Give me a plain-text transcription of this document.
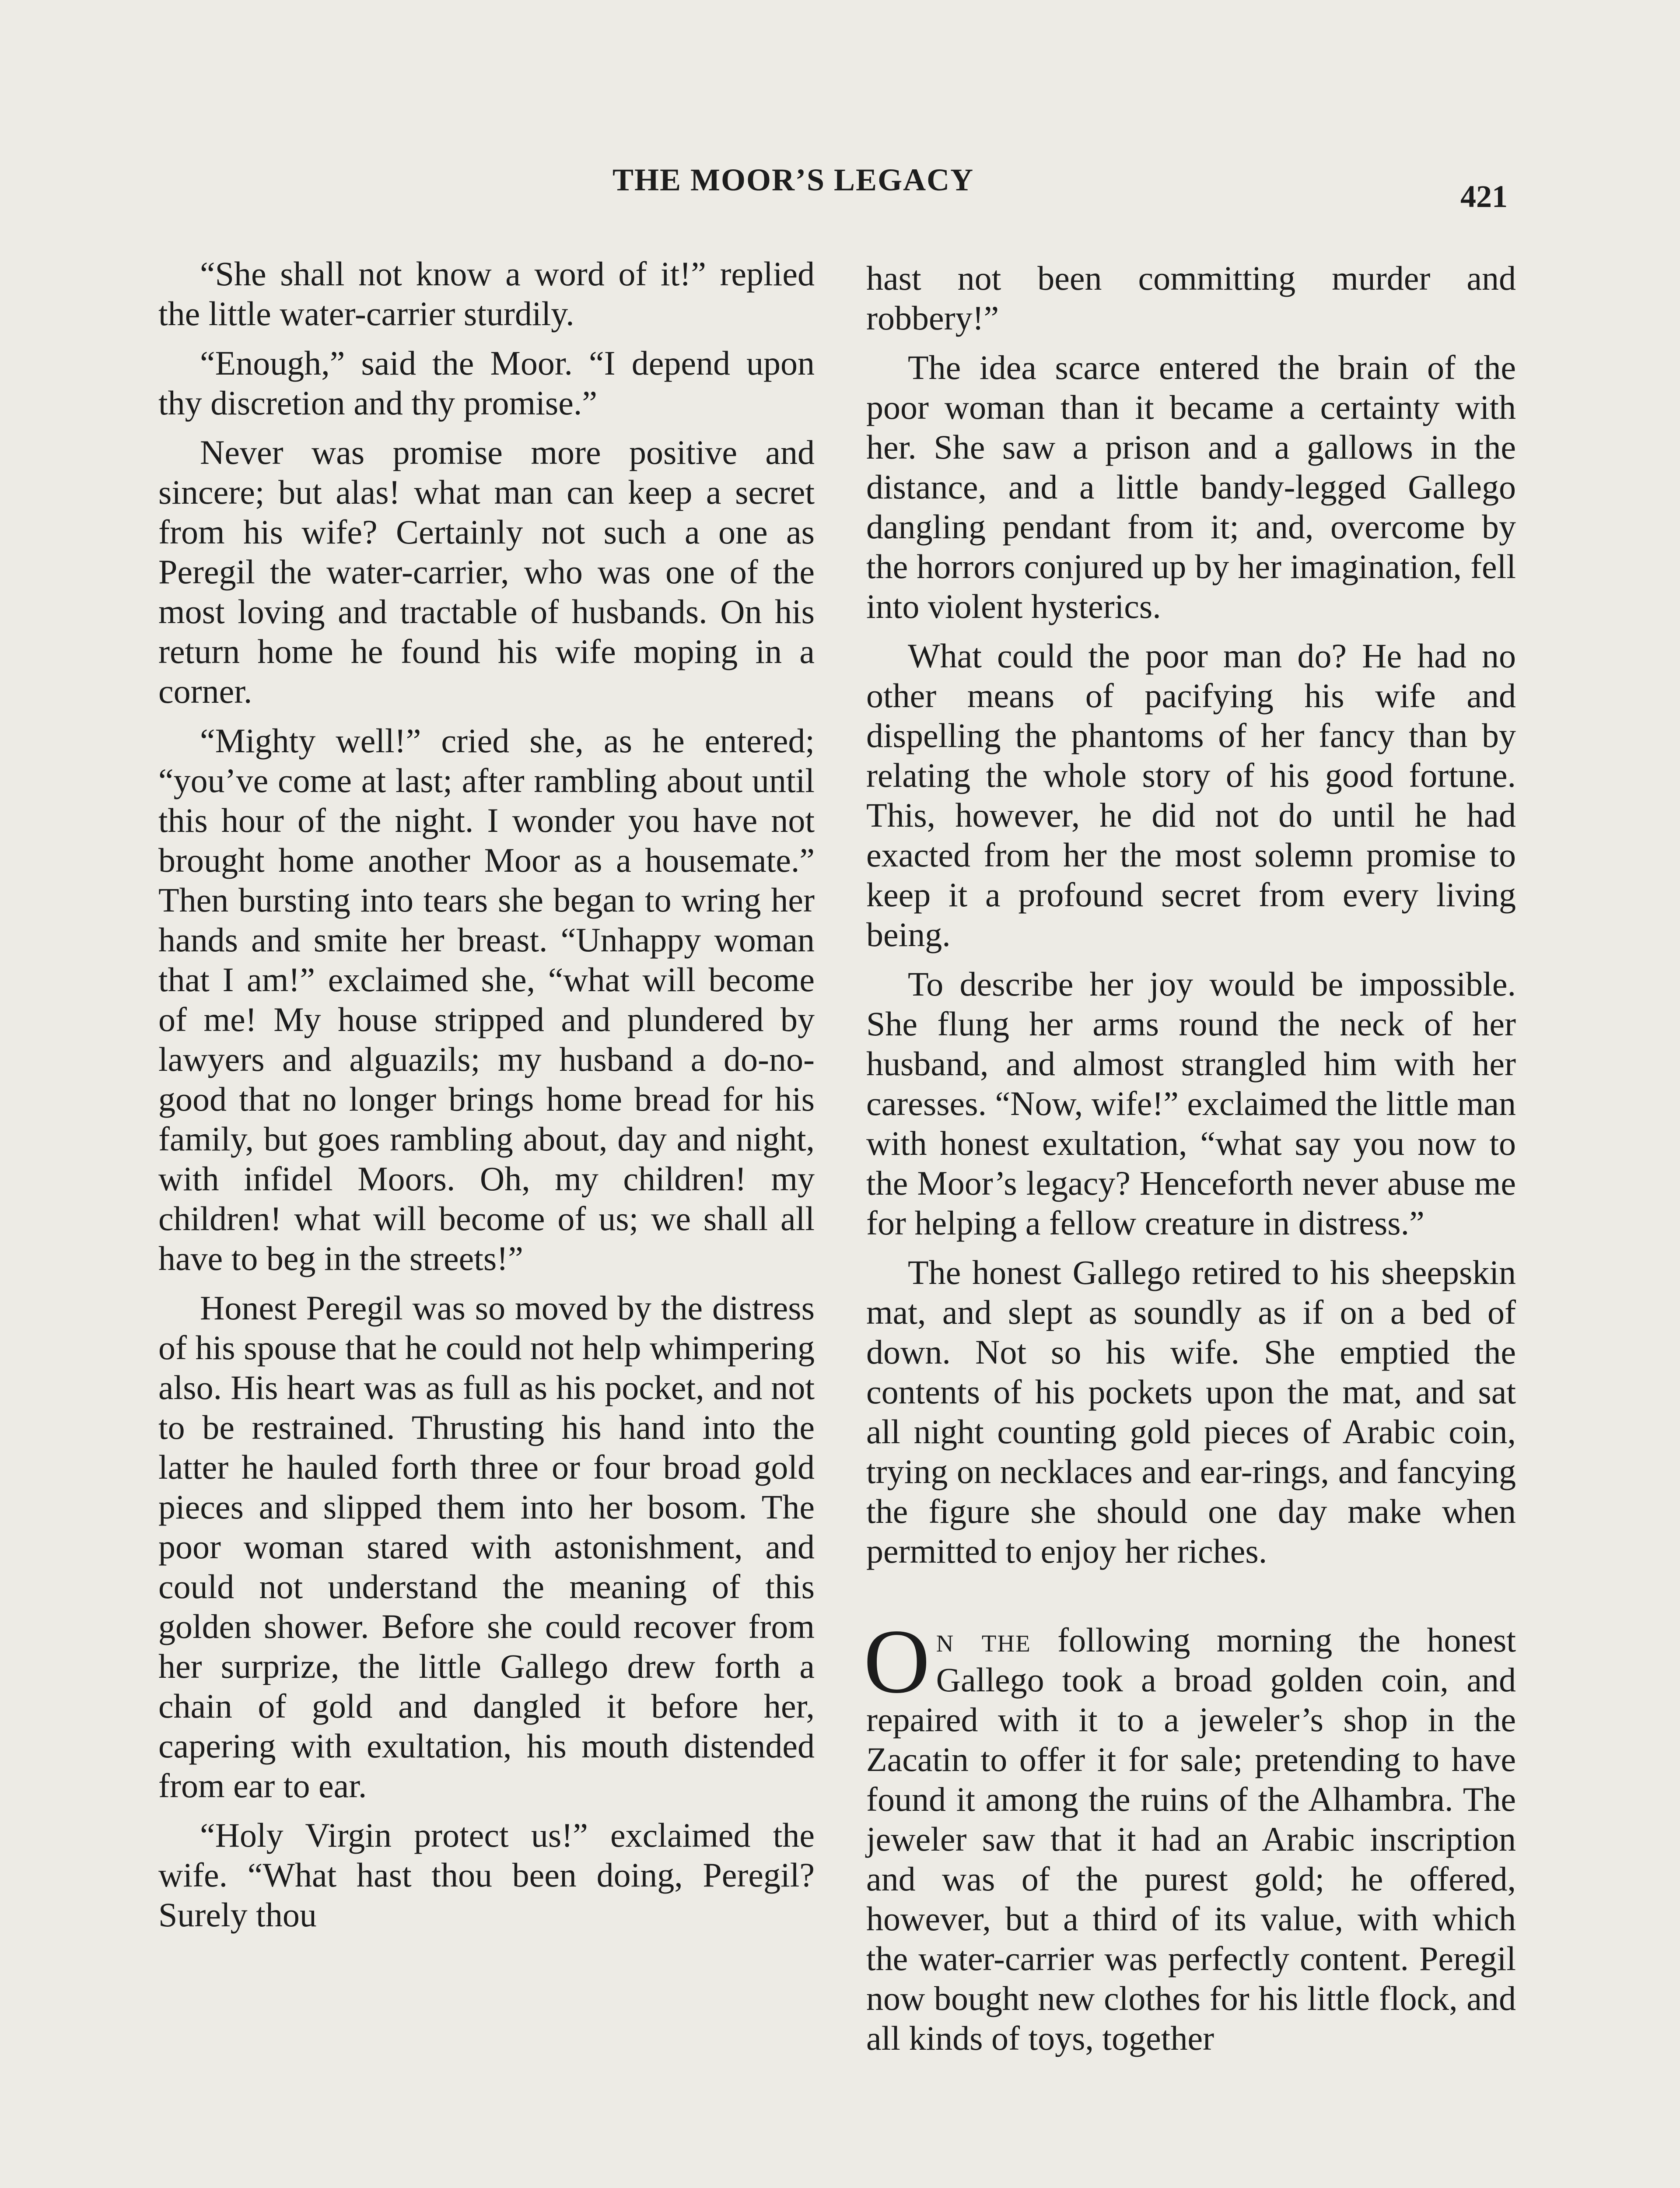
THE MOOR’S LEGACY	421

“She shall not know a word of it!” replied the little water-carrier sturdily.

“Enough,” said the Moor. “I depend upon thy discretion and thy promise.”

Never was promise more positive and sincere; but alas! what man can keep a secret from his wife? Certainly not such a one as Peregil the water-carrier, who was one of the most loving and tractable of husbands. On his return home he found his wife moping in a corner.

“Mighty well!” cried she, as he entered; “you’ve come at last; after rambling about until this hour of the night. I wonder you have not brought home another Moor as a housemate.” Then bursting into tears she began to wring her hands and smite her breast. “Unhappy woman that I am!” exclaimed she, “what will become of me! My house stripped and plundered by lawyers and alguazils; my husband a do-no-good that no longer brings home bread for his family, but goes rambling about, day and night, with infidel Moors. Oh, my children! my children! what will become of us; we shall all have to beg in the streets!”

Honest Peregil was so moved by the distress of his spouse that he could not help whimpering also. His heart was as full as his pocket, and not to be restrained. Thrusting his hand into the latter he hauled forth three or four broad gold pieces and slipped them into her bosom. The poor woman stared with astonishment, and could not understand the meaning of this golden shower. Before she could recover from her surprize, the little Gallego drew forth a chain of gold and dangled it before her, capering with exultation, his mouth distended from ear to ear.

“Holy Virgin protect us!” exclaimed the wife. “What hast thou been doing, Peregil? Surely thou

hast not been committing murder and robbery!”

The idea scarce entered the brain of the poor woman than it became a certainty with her. She saw a prison and a gallows in the distance, and a little bandy-legged Gallego dangling pendant from it; and, overcome by the horrors conjured up by her imagination, fell into violent hysterics.

What could the poor man do? He had no other means of pacifying his wife and dispelling the phantoms of her fancy than by relating the whole story of his good fortune. This, however, he did not do until he had exacted from her the most solemn promise to keep it a profound secret from every living being.

To describe her joy would be impossible. She flung her arms round the neck of her husband, and almost strangled him with her caresses. “Now, wife!” exclaimed the little man with honest exultation, “what say you now to the Moor’s legacy? Henceforth never abuse me for helping a fellow creature in distress.”

The honest Gallego retired to his sheepskin mat, and slept as soundly as if on a bed of down. Not so his wife. She emptied the contents of his pockets upon the mat, and sat all night counting gold pieces of Arabic coin, trying on necklaces and ear-rings, and fancying the figure she should one day make when permitted to enjoy her riches.

On the following morning the honest Gallego took a broad golden coin, and repaired with it to a jeweler’s shop in the Zacatin to offer it for sale; pretending to have found it among the ruins of the Alhambra. The jeweler saw that it had an Arabic inscription and was of the purest gold; he offered, however, but a third of its value, with which the water-carrier was perfectly content. Peregil now bought new clothes for his little flock, and all kinds of toys, together
